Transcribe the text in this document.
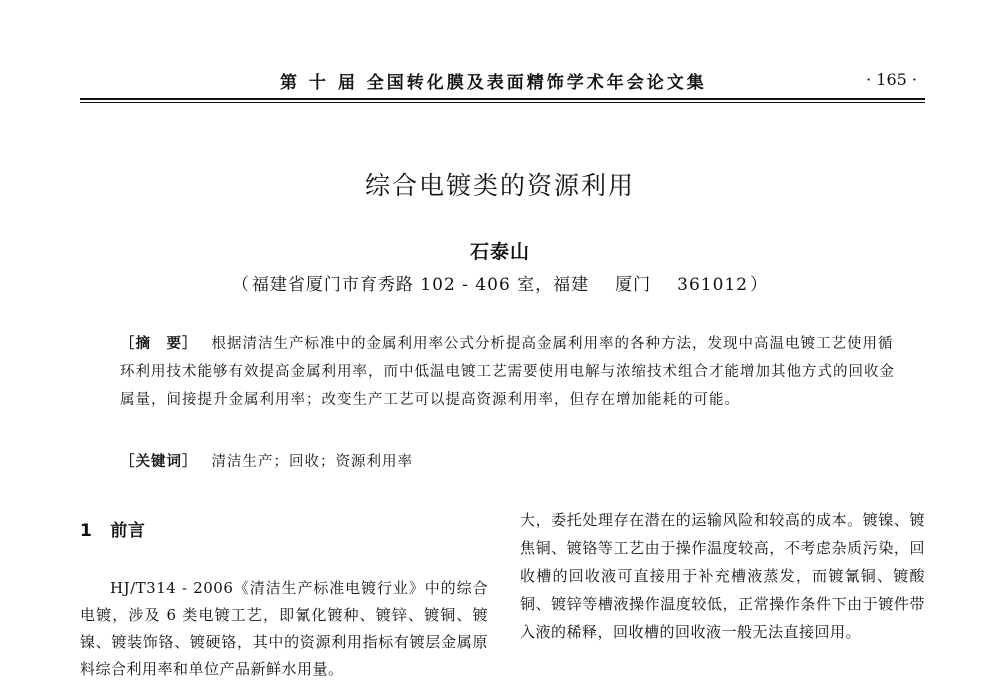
第 十 届 全国转化膜及表面精饰学术年会论文集	· 165 ·
综合电镀类的资源利用
石泰山
（ 福建省厦门市育秀路 102 - 406 室，福建 厦门 361012 ）

［摘　要］ 根据清洁生产标准中的金属利用率公式分析提高金属利用率的各种方法，发现中高温电镀工艺使用循环利用技术能够有效提高金属利用率，而中低温电镀工艺需要使用电解与浓缩技术组合才能增加其他方式的回收金属量，间接提升金属利用率；改变生产工艺可以提高资源利用率，但存在增加能耗的可能。

［关键词］ 清洁生产；回收；资源利用率
1 前言

HJ/T314 - 2006《清洁生产标准电镀行业》中的综合电镀，涉及 6 类电镀工艺，即氰化镀种、镀锌、镀铜、镀镍、镀装饰铬、镀硬铬，其中的资源利用指标有镀层金属原料综合利用率和单位产品新鲜水用量。

大，委托处理存在潜在的运输风险和较高的成本。镀镍、镀焦铜、镀铬等工艺由于操作温度较高，不考虑杂质污染，回收槽的回收液可直接用于补充槽液蒸发，而镀氰铜、镀酸铜、镀锌等槽液操作温度较低，正常操作条件下由于镀件带入液的稀释，回收槽的回收液一般无法直接回用。
